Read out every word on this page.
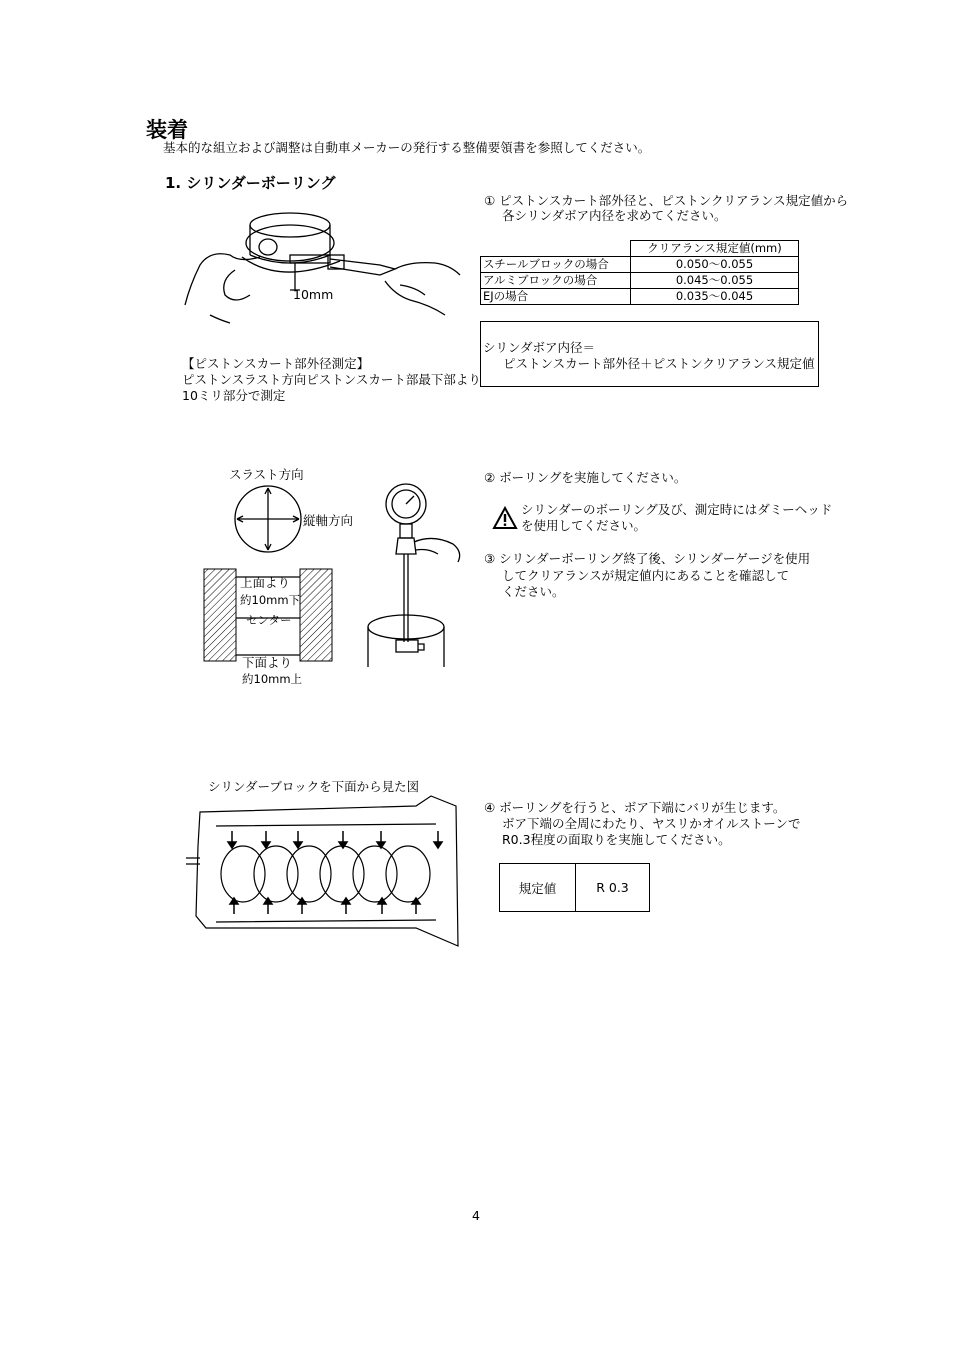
装着
基本的な組立および調整は自動車メーカーの発行する整備要領書を参照してください。
1. シリンダーボーリング
10mm
【ピストンスカート部外径測定】
ピストンスラスト方向ピストンスカート部最下部より
10ミリ部分で測定
① ピストンスカート部外径と、ピストンクリアランス規定値から
各シリンダボア内径を求めてください。
	クリアランス規定値(mm)
スチールブロックの場合	0.050〜0.055
アルミブロックの場合	0.045〜0.055
EJの場合	0.035〜0.045
シリンダボア内径＝
ピストンスカート部外径＋ピストンクリアランス規定値
スラスト方向
縦軸方向
上面より
約10mm下
センター
下面より
約10mm上
② ボーリングを実施してください。
シリンダーのボーリング及び、測定時にはダミーヘッド
を使用してください。
③ シリンダーボーリング終了後、シリンダーゲージを使用
してクリアランスが規定値内にあることを確認して
ください。
シリンダーブロックを下面から見た図
④ ボーリングを行うと、ボア下端にバリが生じます。
ボア下端の全周にわたり、ヤスリかオイルストーンで
R0.3程度の面取りを実施してください。
規定値	R 0.3
4
